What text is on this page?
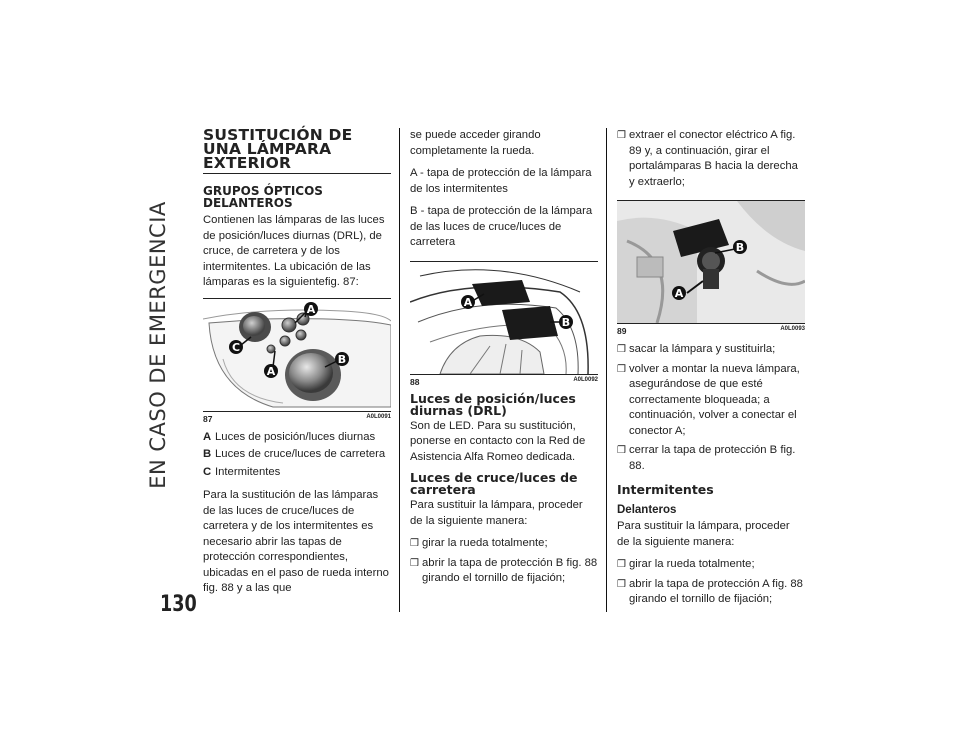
EN CASO DE EMERGENCIA
130
SUSTITUCIÓN DE UNA LÁMPARA EXTERIOR
GRUPOS ÓPTICOS DELANTEROS

Contienen las lámparas de las luces de posición/luces diurnas (DRL), de cruce, de carretera y de los intermitentes. La ubicación de las lámparas es la siguientefig. 87:

A
B
C
A
87	A0L0091
A Luces de posición/luces diurnas
B Luces de cruce/luces de carretera
C Intermitentes

Para la sustitución de las lámparas de las luces de cruce/luces de carretera y de los intermitentes es necesario abrir las tapas de protección correspondientes, ubicadas en el paso de rueda interno fig. 88 y a las que

se puede acceder girando completamente la rueda.

A - tapa de protección de la lámpara de los intermitentes

B - tapa de protección de la lámpara de las luces de cruce/luces de carretera

A
B
88	A0L0092
Luces de posición/luces diurnas (DRL)

Son de LED. Para su sustitución, ponerse en contacto con la Red de Asistencia Alfa Romeo dedicada.

Luces de cruce/luces de carretera

Para sustituir la lámpara, proceder de la siguiente manera:

❒ girar la rueda totalmente;
❒ abrir la tapa de protección B fig. 88 girando el tornillo de fijación;
❒ extraer el conector eléctrico A fig. 89 y, a continuación, girar el portalámparas B hacia la derecha y extraerlo;
B
A
89	A0L0093
❒ sacar la lámpara y sustituirla;
❒ volver a montar la nueva lámpara, asegurándose de que esté correctamente bloqueada; a continuación, volver a conectar el conector A;
❒ cerrar la tapa de protección B fig. 88.
Intermitentes
Delanteros

Para sustituir la lámpara, proceder de la siguiente manera:

❒ girar la rueda totalmente;
❒ abrir la tapa de protección A fig. 88 girando el tornillo de fijación;
